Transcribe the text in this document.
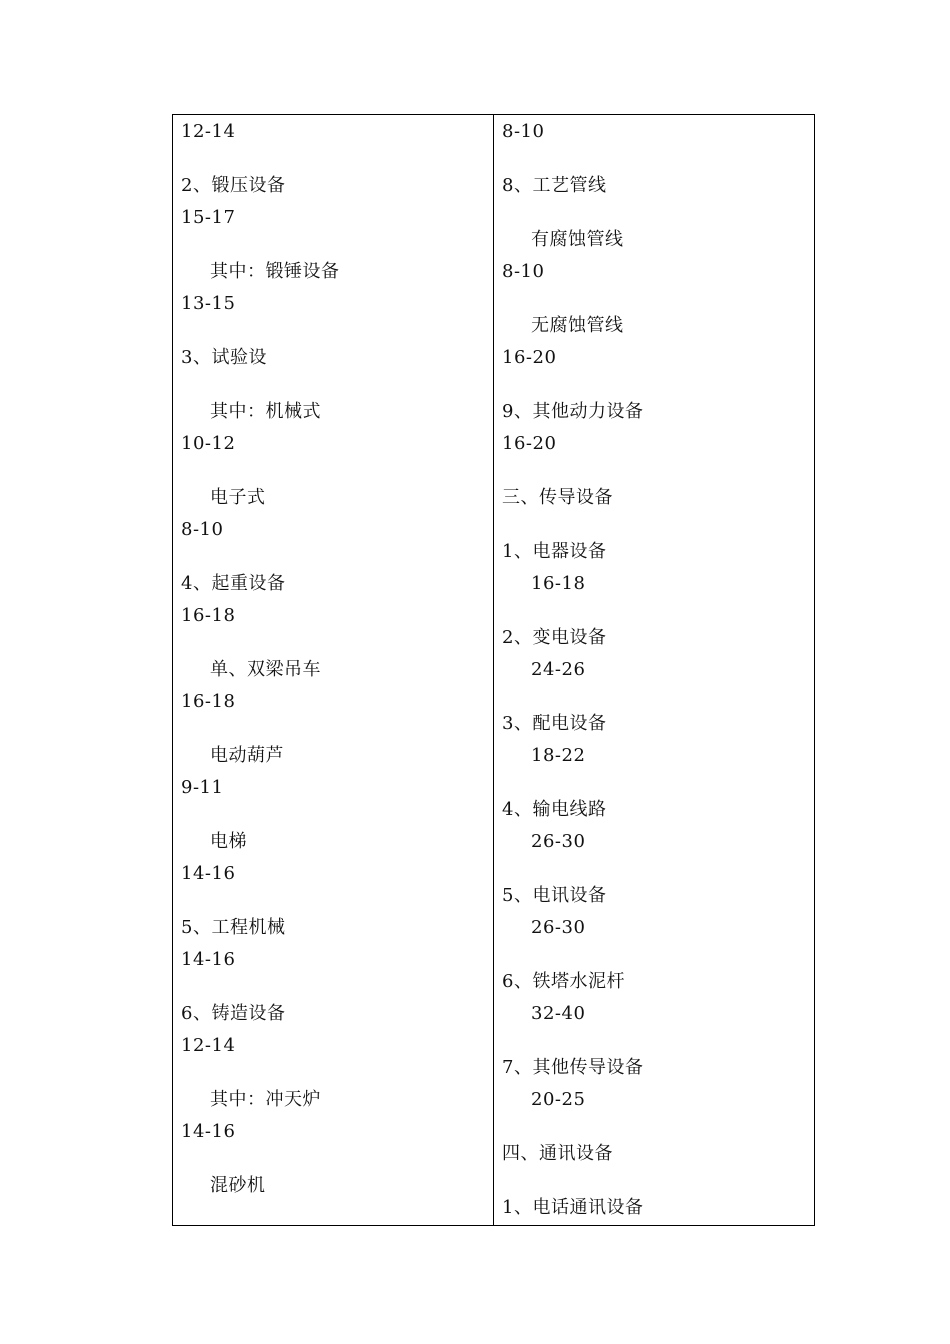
12-14
2、锻压设备
15-17
其中：锻锤设备
13-15
3、试验设
其中：机械式
10-12
电子式
8-10
4、起重设备
16-18
单、双梁吊车
16-18
电动葫芦
9-11
电梯
14-16
5、工程机械
14-16
6、铸造设备
12-14
其中：冲天炉
14-16
混砂机
8-10
8、工艺管线
有腐蚀管线
8-10
无腐蚀管线
16-20
9、其他动力设备
16-20
三、传导设备
1、电器设备
16-18
2、变电设备
24-26
3、配电设备
18-22
4、输电线路
26-30
5、电讯设备
26-30
6、铁塔水泥杆
32-40
7、其他传导设备
20-25
四、通讯设备
1、电话通讯设备
